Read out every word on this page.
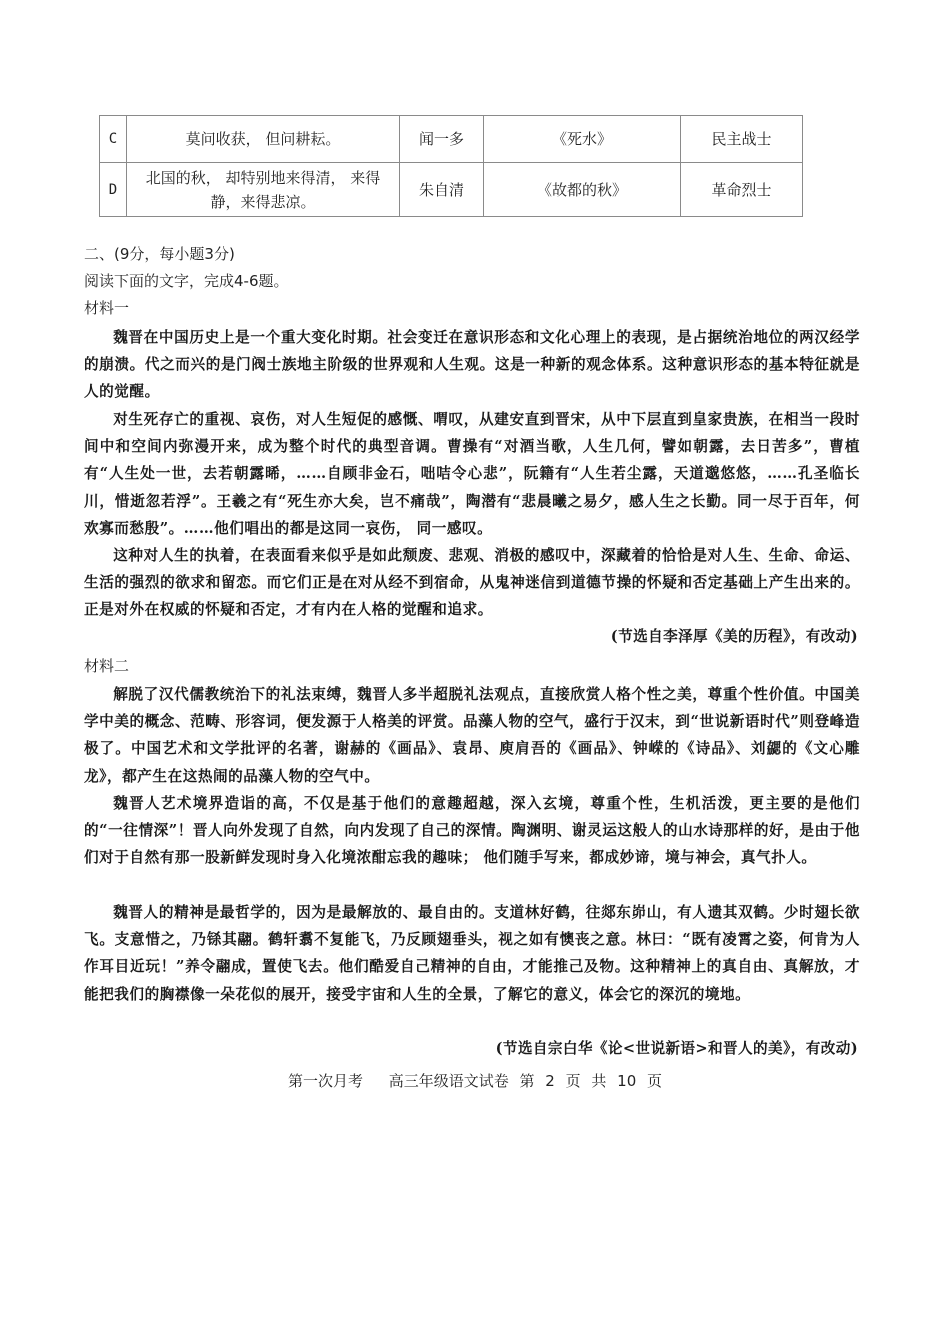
C	莫问收获， 但问耕耘。	闻一多	《死水》	民主战士
D	北国的秋， 却特别地来得清， 来得静，来得悲凉。	朱自清	《故都的秋》	革命烈士
二、(9分，每小题3分)
阅读下面的文字，完成4-6题。
材料一
魏晋在中国历史上是一个重大变化时期。社会变迁在意识形态和文化心理上的表现，是占据统治地位的两汉经学的崩溃。代之而兴的是门阀士族地主阶级的世界观和人生观。这是一种新的观念体系。这种意识形态的基本特征就是人的觉醒。
对生死存亡的重视、哀伤，对人生短促的感慨、喟叹，从建安直到晋宋，从中下层直到皇家贵族，在相当一段时间中和空间内弥漫开来，成为整个时代的典型音调。曹操有“对酒当歌，人生几何，譬如朝露，去日苦多”，曹植有“人生处一世，去若朝露晞，……自顾非金石，咄咭令心悲”，阮籍有“人生若尘露，天道邈悠悠，……孔圣临长川，惜逝忽若浮”。王羲之有“死生亦大矣，岂不痛哉”，陶潜有“悲晨曦之易夕，感人生之长勤。同一尽于百年，何欢寡而愁殷”。……他们唱出的都是这同一哀伤， 同一感叹。
这种对人生的执着，在表面看来似乎是如此颓废、悲观、消极的感叹中，深藏着的恰恰是对人生、生命、命运、生活的强烈的欲求和留恋。而它们正是在对从经不到宿命，从鬼神迷信到道德节操的怀疑和否定基础上产生出来的。正是对外在权威的怀疑和否定，才有内在人格的觉醒和追求。
(节选自李泽厚《美的历程》，有改动)
材料二
解脱了汉代儒教统治下的礼法束缚，魏晋人多半超脱礼法观点，直接欣赏人格个性之美，尊重个性价值。中国美学中美的概念、范畴、形容词，便发源于人格美的评赏。品藻人物的空气，盛行于汉末，到“世说新语时代”则登峰造极了。中国艺术和文学批评的名著，谢赫的《画品》、袁昂、庾肩吾的《画品》、钟嵘的《诗品》、刘勰的《文心雕龙》，都产生在这热闹的品藻人物的空气中。
魏晋人艺术境界造诣的高，不仅是基于他们的意趣超越，深入玄境，尊重个性，生机活泼，更主要的是他们的“一往情深”！晋人向外发现了自然，向内发现了自己的深情。陶渊明、谢灵运这般人的山水诗那样的好，是由于他们对于自然有那一股新鲜发现时身入化境浓酣忘我的趣味； 他们随手写来，都成妙谛，境与神会，真气扑人。
魏晋人的精神是最哲学的，因为是最解放的、最自由的。支道林好鹤，往郯东峁山，有人遗其双鹤。少时翅长欲飞。支意惜之，乃铩其翮。鹤轩翥不复能飞，乃反顾翅垂头，视之如有懊丧之意。林曰：“既有凌霄之姿，何肯为人作耳目近玩！”养令翮成，置使飞去。他们酷爱自己精神的自由，才能推己及物。这种精神上的真自由、真解放，才能把我们的胸襟像一朵花似的展开，接受宇宙和人生的全景，了解它的意义，体会它的深沉的境地。
(节选自宗白华《论<世说新语>和晋人的美》，有改动)
第一次月考　 高三年级语文试卷 第 2 页 共 10 页
